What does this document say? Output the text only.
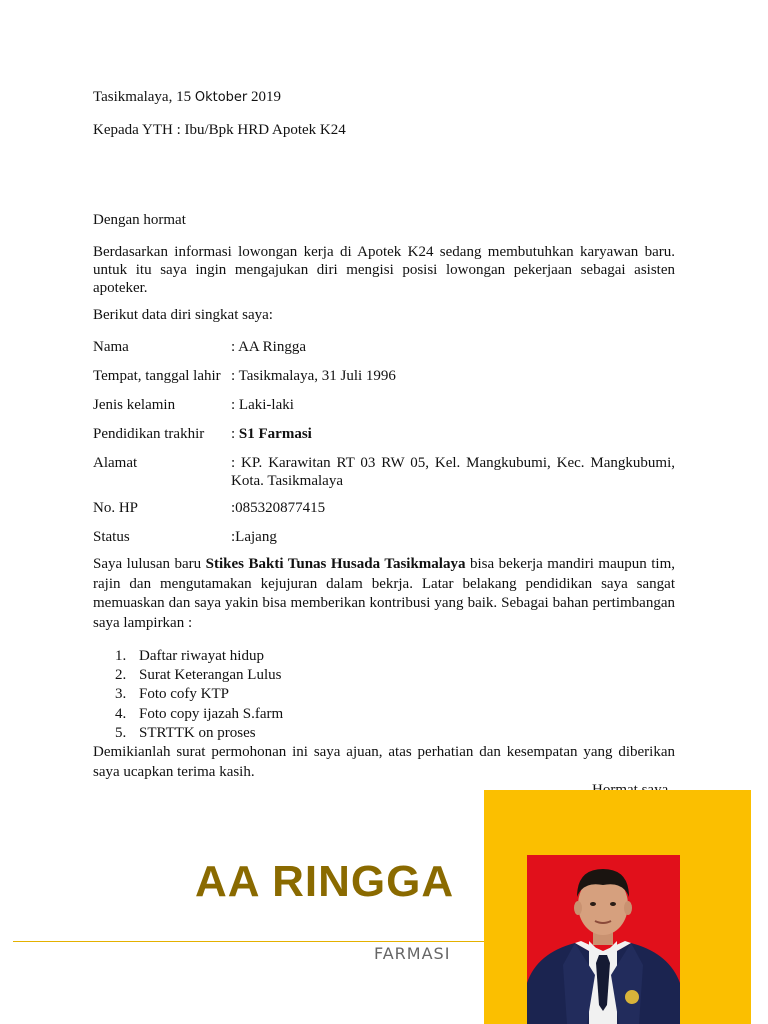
Tasikmalaya, 15 Oktober 2019
Kepada YTH : Ibu/Bpk HRD Apotek K24
Dengan hormat
Berdasarkan informasi lowongan kerja di Apotek K24 sedang membutuhkan karyawan baru. untuk itu saya ingin mengajukan diri mengisi posisi lowongan pekerjaan sebagai asisten apoteker.
Berikut data diri singkat saya:
Nama	: AA Ringga
Tempat, tanggal lahir : Tasikmalaya, 31 Juli 1996
Jenis kelamin	: Laki-laki
Pendidikan trakhir : S1 Farmasi
Alamat	: KP. Karawitan RT 03 RW 05, Kel. Mangkubumi, Kec. Mangkubumi, Kota. Tasikmalaya
No. HP	:085320877415
Status	:Lajang
Saya lulusan baru Stikes Bakti Tunas Husada Tasikmalaya bisa bekerja mandiri maupun tim, rajin dan mengutamakan kejujuran dalam bekrja. Latar belakang pendidikan saya sangat memuaskan dan saya yakin bisa memberikan kontribusi yang baik. Sebagai bahan pertimbangan saya lampirkan :
1. Daftar riwayat hidup
2. Surat Keterangan Lulus
3. Foto cofy KTP
4. Foto copy ijazah S.farm
5. STRTTK on proses
Demikianlah surat permohonan ini saya ajuan, atas perhatian dan kesempatan yang diberikan saya ucapkan terima kasih.
AA RINGGA
FARMASI
